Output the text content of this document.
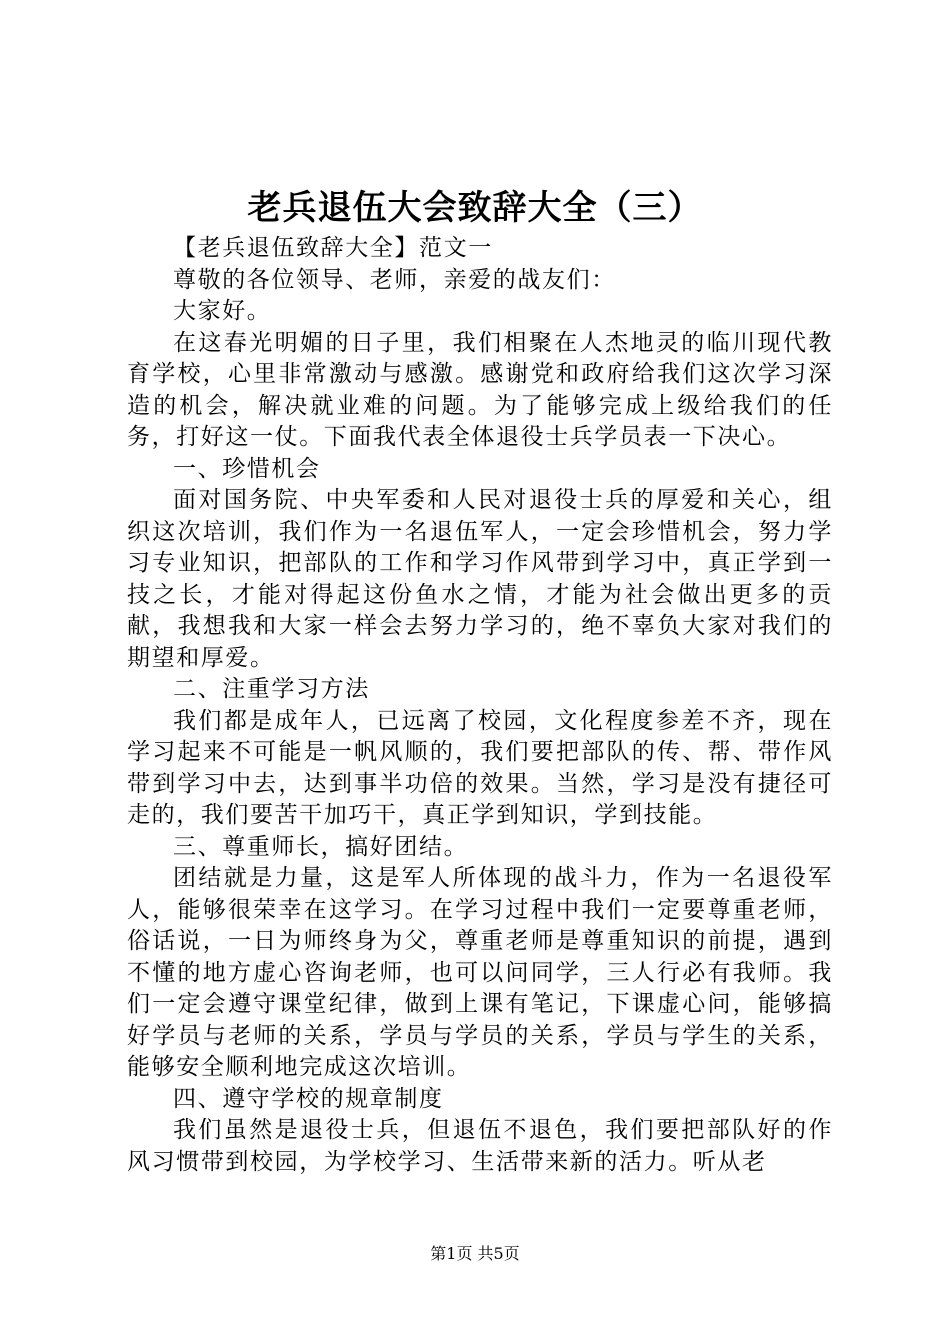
老兵退伍大会致辞大全（三）

【老兵退伍致辞大全】范文一

尊敬的各位领导、老师，亲爱的战友们：

大家好。

在这春光明媚的日子里，我们相聚在人杰地灵的临川现代教育学校，心里非常激动与感激。感谢党和政府给我们这次学习深造的机会，解决就业难的问题。为了能够完成上级给我们的任务，打好这一仗。下面我代表全体退役士兵学员表一下决心。

一、珍惜机会

面对国务院、中央军委和人民对退役士兵的厚爱和关心，组织这次培训，我们作为一名退伍军人，一定会珍惜机会，努力学习专业知识，把部队的工作和学习作风带到学习中，真正学到一技之长，才能对得起这份鱼水之情，才能为社会做出更多的贡献，我想我和大家一样会去努力学习的，绝不辜负大家对我们的期望和厚爱。

二、注重学习方法

我们都是成年人，已远离了校园，文化程度参差不齐，现在学习起来不可能是一帆风顺的，我们要把部队的传、帮、带作风带到学习中去，达到事半功倍的效果。当然，学习是没有捷径可走的，我们要苦干加巧干，真正学到知识，学到技能。

三、尊重师长，搞好团结。

团结就是力量，这是军人所体现的战斗力，作为一名退役军人，能够很荣幸在这学习。在学习过程中我们一定要尊重老师，俗话说，一日为师终身为父，尊重老师是尊重知识的前提，遇到不懂的地方虚心咨询老师，也可以问同学，三人行必有我师。我们一定会遵守课堂纪律，做到上课有笔记，下课虚心问，能够搞好学员与老师的关系，学员与学员的关系，学员与学生的关系，能够安全顺利地完成这次培训。

四、遵守学校的规章制度

我们虽然是退役士兵，但退伍不退色，我们要把部队好的作风习惯带到校园，为学校学习、生活带来新的活力。听从老

第1页 共5页
